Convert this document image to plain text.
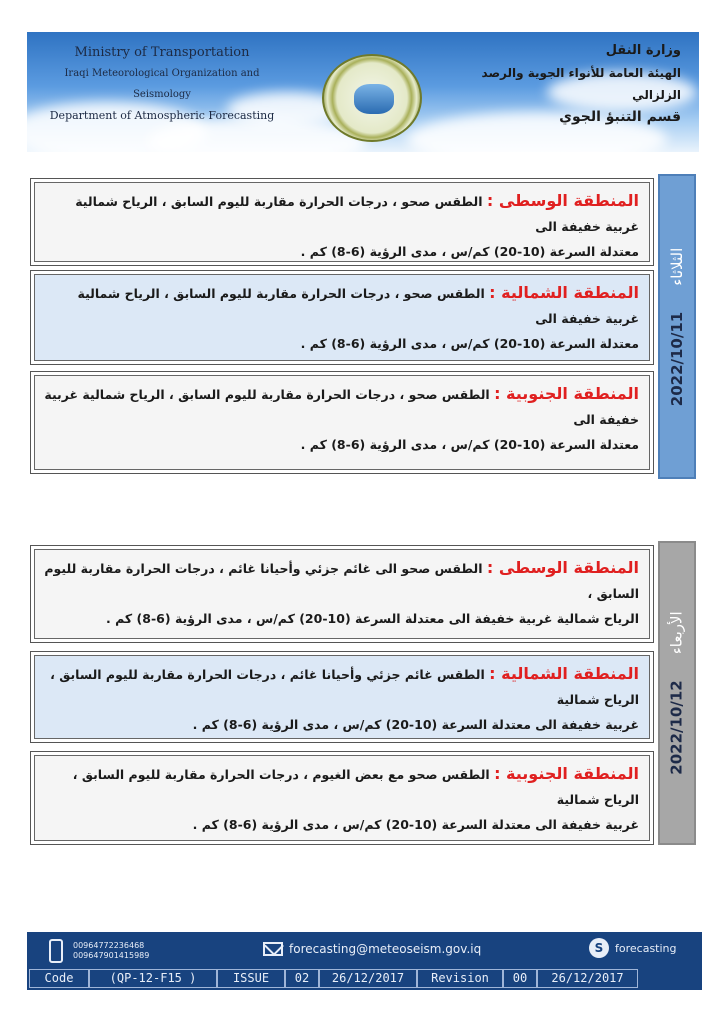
Ministry of Transportation
Iraqi Meteorological Organization and Seismology
Department of Atmospheric Forecasting
وزارة النقل
الهيئة العامة للأنواء الجوية والرصد الزلزالي
قسم التنبؤ الجوي
2022/10/11
الثلاثاء
المنطقة الوسطى : الطقس صحو ، درجات الحرارة مقاربة لليوم السابق ، الرياح شمالية غربية خفيفة الى
معتدلة السرعة (10-20) كم/س ، مدى الرؤية (6-8) كم .
المنطقة الشمالية : الطقس صحو ، درجات الحرارة مقاربة لليوم السابق ، الرياح شمالية غربية خفيفة الى
معتدلة السرعة (10-20) كم/س ، مدى الرؤية (6-8) كم .
المنطقة الجنوبية : الطقس صحو ، درجات الحرارة مقاربة لليوم السابق ، الرياح شمالية غربية خفيفة الى
معتدلة السرعة (10-20) كم/س ، مدى الرؤية (6-8) كم .
2022/10/12
الأربعاء
المنطقة الوسطى : الطقس صحو الى غائم جزئي وأحيانا غائم ، درجات الحرارة مقاربة لليوم السابق ،
الرياح شمالية غربية خفيفة الى معتدلة السرعة (10-20) كم/س ، مدى الرؤية (6-8) كم .
المنطقة الشمالية : الطقس غائم جزئي وأحيانا غائم ، درجات الحرارة مقاربة لليوم السابق ، الرياح شمالية
غربية خفيفة الى معتدلة السرعة (10-20) كم/س ، مدى الرؤية (6-8) كم .
المنطقة الجنوبية : الطقس صحو مع بعض الغيوم ، درجات الحرارة مقاربة لليوم السابق ، الرياح شمالية
غربية خفيفة الى معتدلة السرعة (10-20) كم/س ، مدى الرؤية (6-8) كم .
009647722364​68
009647901415989	forecasting@meteoseism.gov.iq	S	forecasting
Code	(QP-12-F15 )	ISSUE	02	26/12/2017	Revision	00	26/12/2017
